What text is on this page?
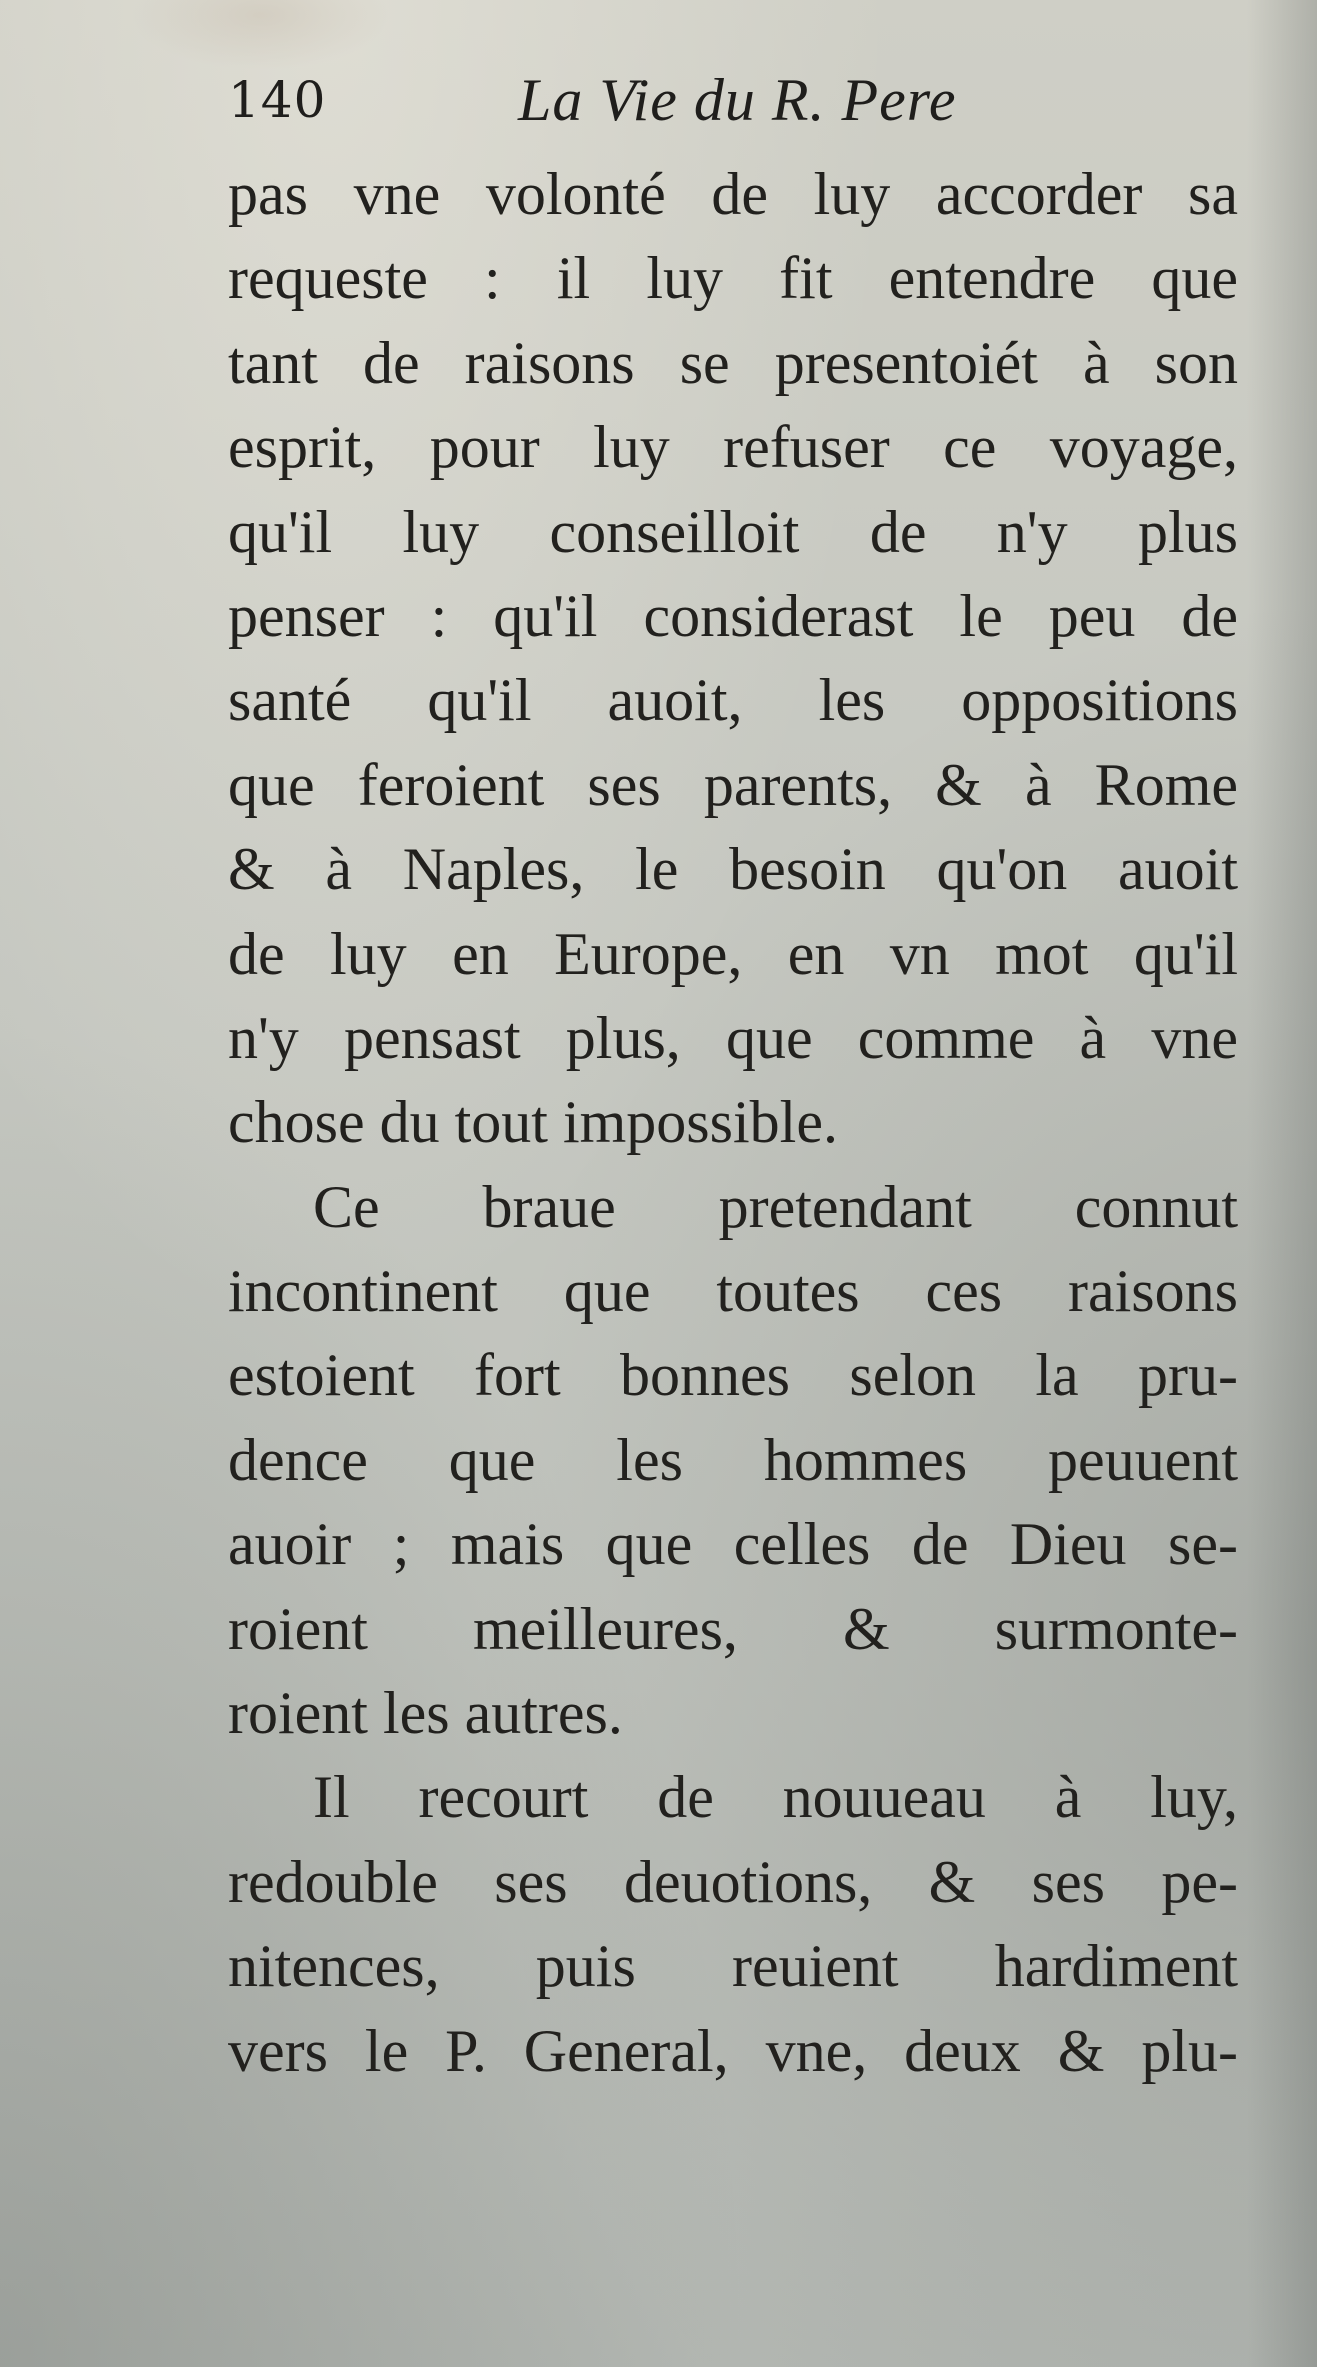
140	La Vie du R. Pere
pas vne volonté de luy accorder sa
requeste : il luy fit entendre que
tant de raisons se presentoiét à son
esprit, pour luy refuser ce voyage,
qu'il luy conseilloit de n'y plus
penser : qu'il considerast le peu de
santé qu'il auoit, les oppositions
que feroient ses parents, & à Rome
& à Naples, le besoin qu'on auoit
de luy en Europe, en vn mot qu'il
n'y pensast plus, que comme à vne
chose du tout impossible.
Ce braue pretendant connut
incontinent que toutes ces raisons
estoient fort bonnes selon la pru-
dence que les hommes peuuent
auoir ; mais que celles de Dieu se-
roient meilleures, & surmonte-
roient les autres.
Il recourt de nouueau à luy,
redouble ses deuotions, & ses pe-
nitences, puis reuient hardiment
vers le P. General, vne, deux & plu-
